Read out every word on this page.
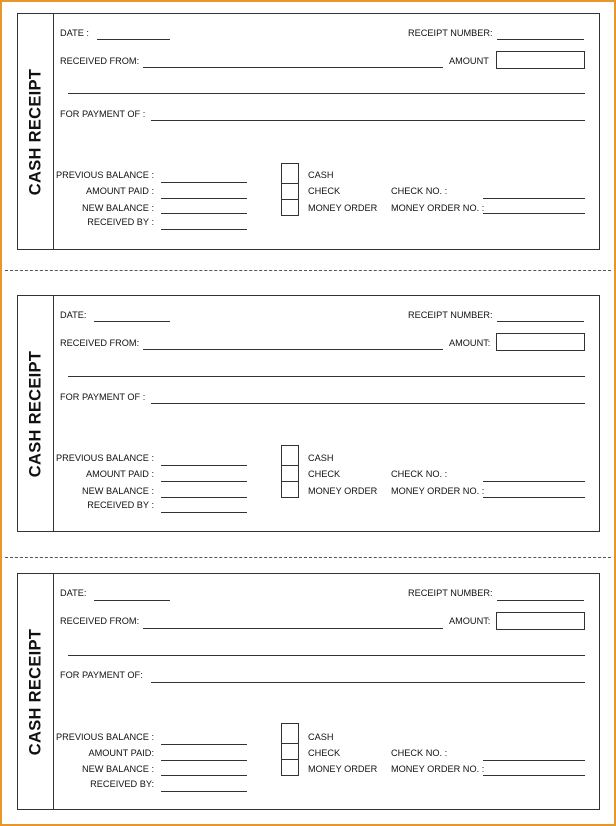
CASH RECEIPT
DATE :	RECEIPT NUMBER:
RECEIVED FROM:	AMOUNT
FOR PAYMENT OF :
PREVIOUS BALANCE :
AMOUNT PAID :
NEW BALANCE :
RECEIVED BY :
CASH
CHECK
MONEY ORDER
CHECK NO. :
MONEY ORDER NO. :
CASH RECEIPT
DATE:	RECEIPT NUMBER:
RECEIVED FROM:	AMOUNT:
FOR PAYMENT OF :
PREVIOUS BALANCE :
AMOUNT PAID :
NEW BALANCE :
RECEIVED BY :
CASH
CHECK
MONEY ORDER
CHECK NO. :
MONEY ORDER NO. :
CASH RECEIPT
DATE:	RECEIPT NUMBER:
RECEIVED FROM:	AMOUNT:
FOR PAYMENT OF:
PREVIOUS BALANCE :
AMOUNT PAID:
NEW BALANCE :
RECEIVED BY:
CASH
CHECK
MONEY ORDER
CHECK NO. :
MONEY ORDER NO. :
